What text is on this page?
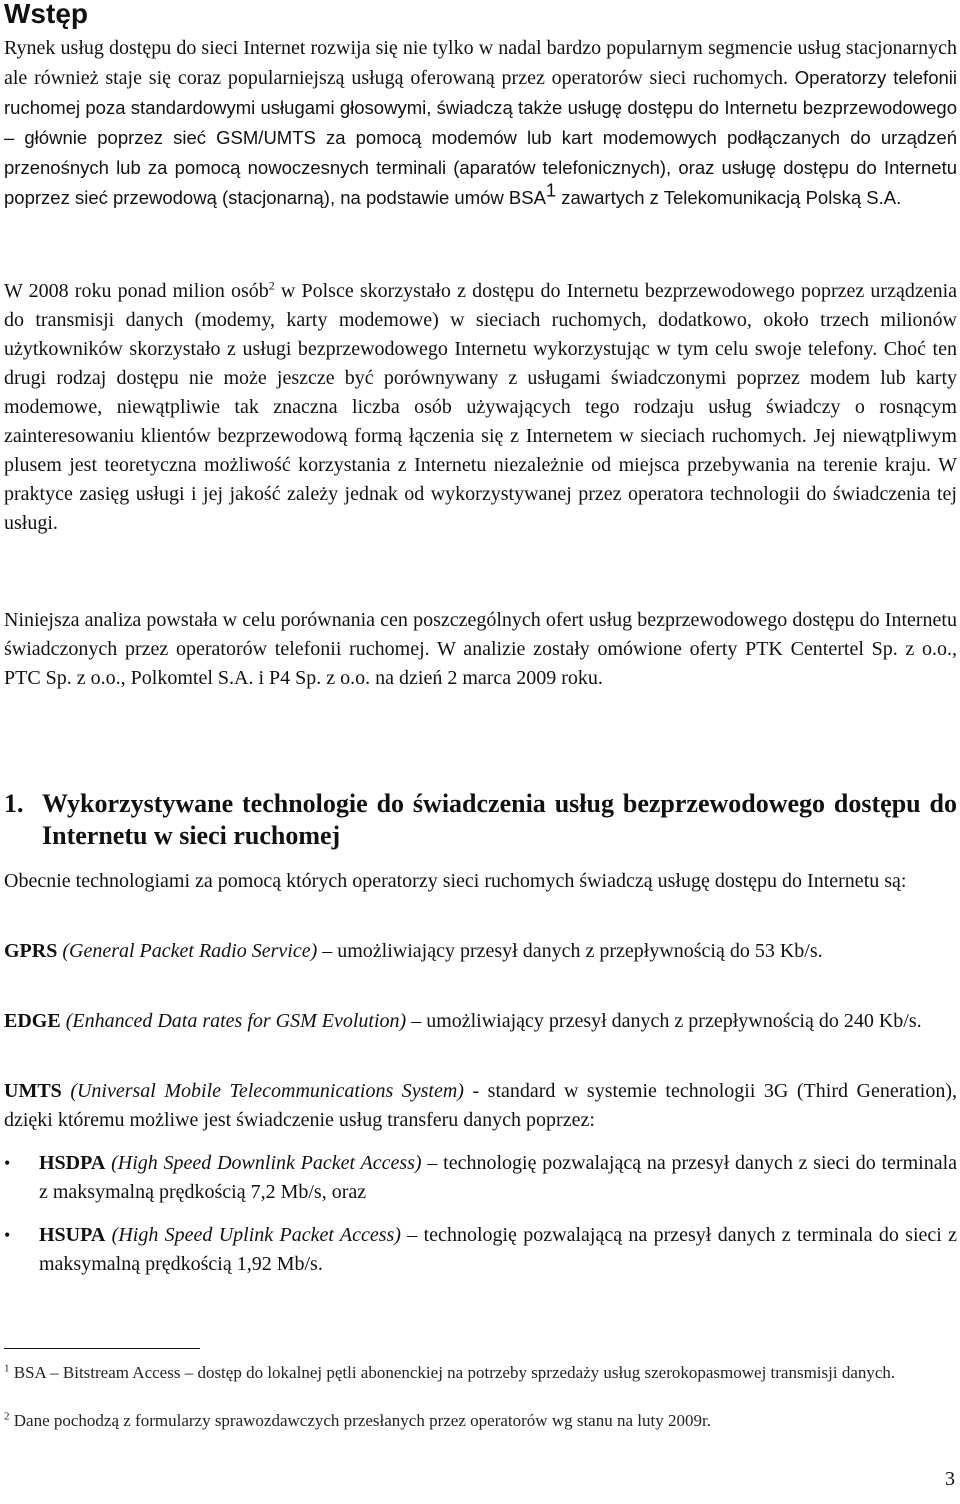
Wstęp

Rynek usług dostępu do sieci Internet rozwija się nie tylko w nadal bardzo popularnym segmencie usług stacjonarnych ale również staje się coraz popularniejszą usługą oferowaną przez operatorów sieci ruchomych. Operatorzy telefonii ruchomej poza standardowymi usługami głosowymi, świadczą także usługę dostępu do Internetu bezprzewodowego – głównie poprzez sieć GSM/UMTS za pomocą modemów lub kart modemowych podłączanych do urządzeń przenośnych lub za pomocą nowoczesnych terminali (aparatów telefonicznych), oraz usługę dostępu do Internetu poprzez sieć przewodową (stacjonarną), na podstawie umów BSA$^1$ zawartych z Telekomunikacją Polską S.A.

W 2008 roku ponad milion osób$^2$ w Polsce skorzystało z dostępu do Internetu bezprzewodowego poprzez urządzenia do transmisji danych (modemy, karty modemowe) w sieciach ruchomych, dodatkowo, około trzech milionów użytkowników skorzystało z usługi bezprzewodowego Internetu wykorzystując w tym celu swoje telefony. Choć ten drugi rodzaj dostępu nie może jeszcze być porównywany z usługami świadczonymi poprzez modem lub karty modemowe, niewątpliwie tak znaczna liczba osób używających tego rodzaju usług świadczy o rosnącym zainteresowaniu klientów bezprzewodową formą łączenia się z Internetem w sieciach ruchomych. Jej niewątpliwym plusem jest teoretyczna możliwość korzystania z Internetu niezależnie od miejsca przebywania na terenie kraju. W praktyce zasięg usługi i jej jakość zależy jednak od wykorzystywanej przez operatora technologii do świadczenia tej usługi.

Niniejsza analiza powstała w celu porównania cen poszczególnych ofert usług bezprzewodowego dostępu do Internetu świadczonych przez operatorów telefonii ruchomej. W analizie zostały omówione oferty PTK Centertel Sp. z o.o., PTC Sp. z o.o., Polkomtel S.A. i P4 Sp. z o.o. na dzień 2 marca 2009 roku.

1. Wykorzystywane technologie do świadczenia usług bezprzewodowego dostępu do Internetu w sieci ruchomej

Obecnie technologiami za pomocą których operatorzy sieci ruchomych świadczą usługę dostępu do Internetu są:

GPRS (General Packet Radio Service) – umożliwiający przesył danych z przepływnością do 53 Kb/s.

EDGE (Enhanced Data rates for GSM Evolution) – umożliwiający przesył danych z przepływnością do 240 Kb/s.

UMTS (Universal Mobile Telecommunications System) - standard w systemie technologii 3G (Third Generation), dzięki któremu możliwe jest świadczenie usług transferu danych poprzez:

•	HSDPA (High Speed Downlink Packet Access) – technologię pozwalającą na przesył danych z sieci do terminala z maksymalną prędkością 7,2 Mb/s, oraz
•	HSUPA (High Speed Uplink Packet Access) – technologię pozwalającą na przesył danych z terminala do sieci z maksymalną prędkością 1,92 Mb/s.

$^1$ BSA – Bitstream Access – dostęp do lokalnej pętli abonenckiej na potrzeby sprzedaży usług szerokopasmowej transmisji danych.

$^2$ Dane pochodzą z formularzy sprawozdawczych przesłanych przez operatorów wg stanu na luty 2009r.

3
